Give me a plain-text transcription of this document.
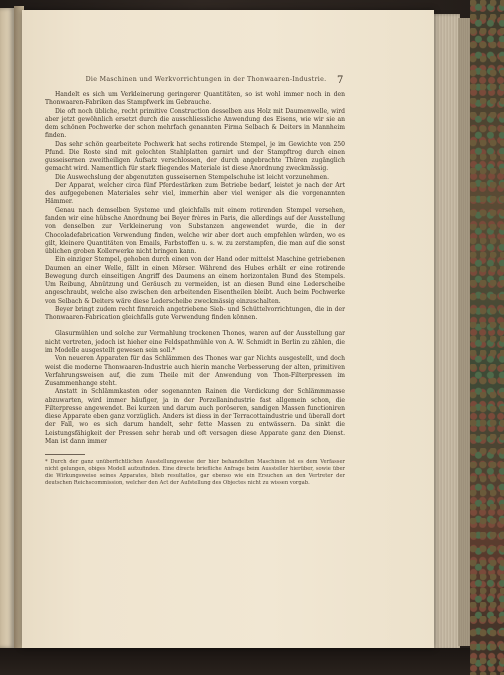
Die Maschinen und Werkvorrichtungen in der Thonwaaren-Industrie.	7

Handelt es sich um Verkleinerung geringerer Quantitäten, so ist wohl immer noch in den Thonwaaren-Fabriken das Stampfwerk im Gebrauche.

Die oft noch übliche, recht primitive Construction desselben aus Holz mit Daumenwelle, wird aber jetzt gewöhnlich ersetzt durch die ausschliessliche Anwendung des Eisens, wie wir sie an dem schönen Pochwerke der schon mehrfach genannten Firma Selbach & Deiters in Mannheim finden.

Das sehr schön gearbeitete Pochwerk hat sechs rotirende Stempel, je im Gewichte von 250 Pfund. Die Roste sind mit gelochten Stahlplatten garnirt und der Stampftrog durch einen gusseisernen zweitheiligen Aufsatz verschlossen, der durch angebrachte Thüren zugänglich gemacht wird. Namentlich für stark fliegendes Materiale ist diese Anordnung zweckmässig.

Die Auswechslung der abgenutzten gusseisernen Stempelschuhe ist leicht vorzunehmen.

Der Apparat, welcher circa fünf Pferdestärken zum Betriebe bedarf, leistet je nach der Art des aufgegebenen Materiales sehr viel, immerhin aber viel weniger als die vorgenannten Hämmer.

Genau nach demselben Systeme und gleichfalls mit einem rotirenden Stempel versehen, fanden wir eine hübsche Anordnung bei Beyer frères in Paris, die allerdings auf der Ausstellung von denselben zur Verkleinerung von Substanzen angewendet wurde, die in der Chocoladefabrication Verwendung finden, welche wir aber dort auch empfehlen würden, wo es gilt, kleinere Quantitäten von Emails, Farbstoffen u. s. w. zu zerstampfen, die man auf die sonst üblichen groben Kollerwerke nicht bringen kann.

Ein einziger Stempel, gehoben durch einen von der Hand oder mittelst Maschine getriebenen Daumen an einer Welle, fällt in einen Mörser. Während des Hubes erhält er eine rotirende Bewegung durch einseitigen Angriff des Daumens an einem horizontalen Bund des Stempels. Um Reibung, Abnützung und Geräusch zu vermeiden, ist an diesen Bund eine Lederscheibe angeschraubt, welche also zwischen den arbeitenden Eisentheilen bleibt. Auch beim Pochwerke von Selbach & Deiters wäre diese Lederscheibe zweckmässig einzuschalten.

Beyer bringt zudem recht finnreich angetriebene Sieb- und Schüttelvorrichtungen, die in der Thonwaaren-Fabrication gleichfalls gute Verwendung finden können.

Glasurmühlen und solche zur Vermahlung trockenen Thones, waren auf der Ausstellung gar nicht vertreten, jedoch ist hieher eine Feldspathmühle von A. W. Schmidt in Berlin zu zählen, die im Modelle ausgestellt gewesen sein soll.*

Von neueren Apparaten für das Schlämmen des Thones war gar Nichts ausgestellt, und doch weist die moderne Thonwaaren-Industrie auch hierin manche Verbesserung der alten, primitiven Verfahrungsweisen auf, die zum Theile mit der Anwendung von Thon-Filterpressen im Zusammenhange steht.

Anstatt in Schlämmkasten oder sogenannten Rainen die Verdickung der Schlämmmasse abzuwarten, wird immer häufiger, ja in der Porzellanindustrie fast allgemein schon, die Filterpresse angewendet. Bei kurzen und darum auch poröseren, sandigen Massen functioniren diese Apparate eben ganz vorzüglich. Anders ist diess in der Terracottaindustrie und überall dort der Fall, wo es sich darum handelt, sehr fette Massen zu entwässern. Da sinkt die Leistungsfähigkeit der Pressen sehr herab und oft versagen diese Apparate ganz den Dienst. Man ist dann immer

* Durch der ganz unüberfichtlichen Ausstellungsweise der hier behandelten Maschinen ist es dem Verfasser nicht gelungen, obiges Modell aufzufinden. Eine directe briefliche Anfrage beim Aussteller hierüber, sowie über die Wirkungsweise seines Apparates, blieb resultatlos, gar ebenso wie ein Ersuchen an den Vertreter der deutschen Reichscommission, welcher den Act der Aufstellung des Objectes nicht zu wissen vorgab.
